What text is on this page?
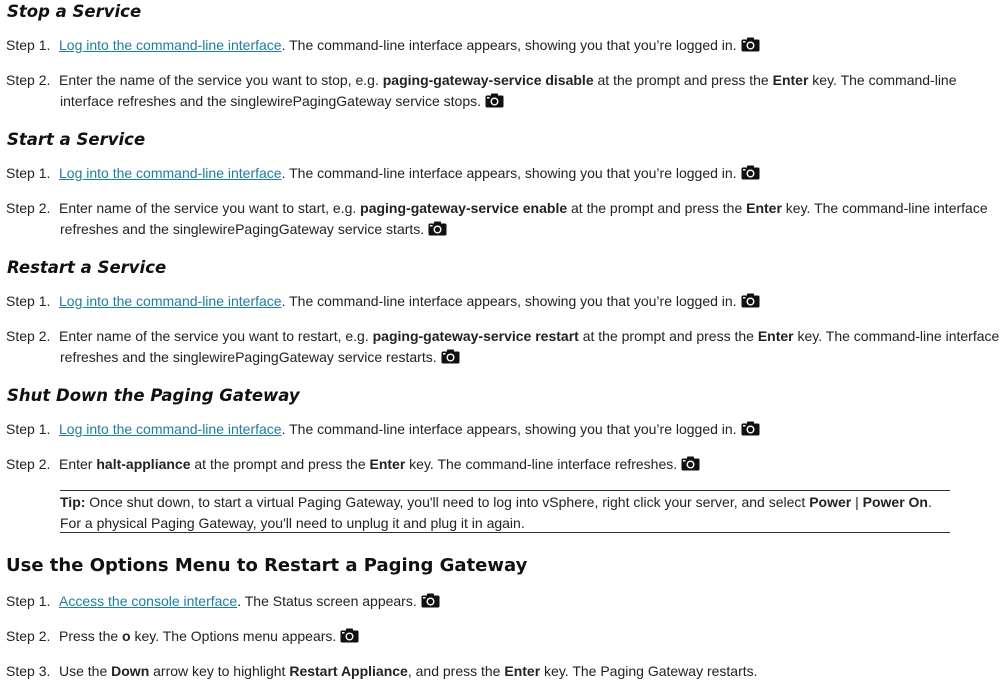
Stop a Service
Step 1. Log into the command-line interface. The command-line interface appears, showing you that you’re logged in.
Step 2. Enter the name of the service you want to stop, e.g. paging-gateway-service disable at the prompt and press the Enter key. The command-line interface refreshes and the singlewirePagingGateway service stops.
Start a Service
Step 1. Log into the command-line interface. The command-line interface appears, showing you that you’re logged in.
Step 2. Enter name of the service you want to start, e.g. paging-gateway-service enable at the prompt and press the Enter key. The command-line interface refreshes and the singlewirePagingGateway service starts.
Restart a Service
Step 1. Log into the command-line interface. The command-line interface appears, showing you that you’re logged in.
Step 2. Enter name of the service you want to restart, e.g. paging-gateway-service restart at the prompt and press the Enter key. The command-line interface refreshes and the singlewirePagingGateway service restarts.
Shut Down the Paging Gateway
Step 1. Log into the command-line interface. The command-line interface appears, showing you that you’re logged in.
Step 2. Enter halt-appliance at the prompt and press the Enter key. The command-line interface refreshes.
Tip: Once shut down, to start a virtual Paging Gateway, you'll need to log into vSphere, right click your server, and select Power | Power On. For a physical Paging Gateway, you'll need to unplug it and plug it in again.
Use the Options Menu to Restart a Paging Gateway
Step 1. Access the console interface. The Status screen appears.
Step 2. Press the o key. The Options menu appears.
Step 3. Use the Down arrow key to highlight Restart Appliance, and press the Enter key. The Paging Gateway restarts.
